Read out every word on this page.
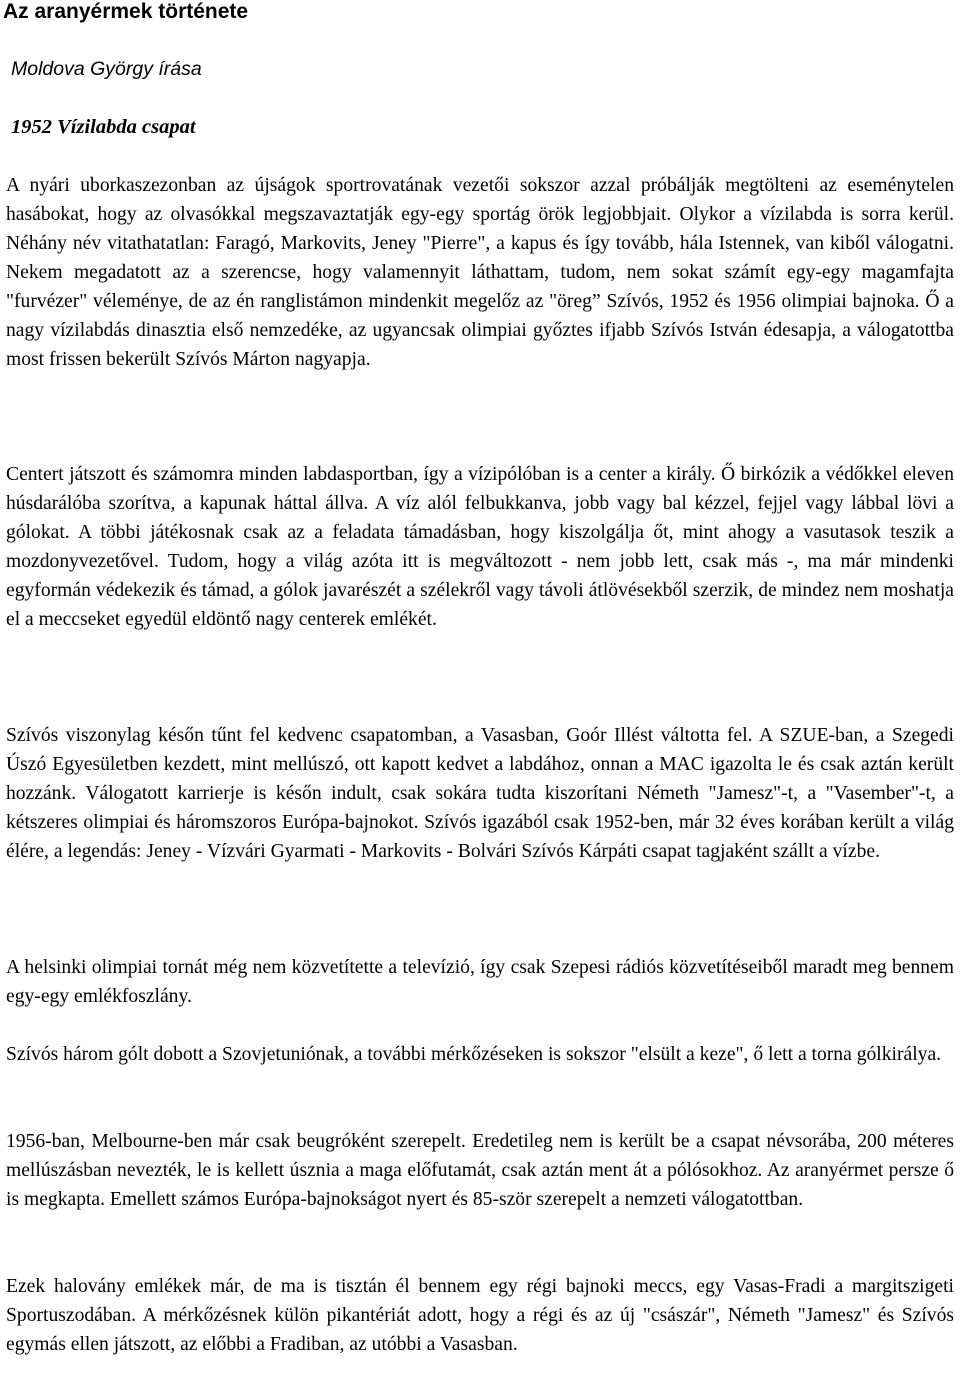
Az aranyérmek története

Moldova György írása

1952 Vízilabda csapat

A nyári uborkaszezonban az újságok sportrovatának vezetői sokszor azzal próbálják megtölteni az eseménytelen hasábokat, hogy az olvasókkal megszavaztatják egy-egy sportág örök legjobbjait. Olykor a vízilabda is sorra kerül. Néhány név vitathatatlan: Faragó, Markovits, Jeney "Pierre", a kapus és így tovább, hála Istennek, van kiből válogatni. Nekem megadatott az a szerencse, hogy valamennyit láthattam, tudom, nem sokat számít egy-egy magamfajta "furvézer" véleménye, de az én ranglistámon mindenkit megelőz az "öreg” Szívós, 1952 és 1956 olimpiai bajnoka. Ő a nagy vízilabdás dinasztia első nemzedéke, az ugyancsak olimpiai győztes ifjabb Szívós István édesapja, a válogatottba most frissen bekerült Szívós Márton nagyapja.

Centert játszott és számomra minden labdasportban, így a vízipólóban is a center a király. Ő birkózik a védőkkel eleven húsdarálóba szorítva, a kapunak háttal állva. A víz alól felbukkanva, jobb vagy bal kézzel, fejjel vagy lábbal lövi a gólokat. A többi játékosnak csak az a feladata támadásban, hogy kiszolgálja őt, mint ahogy a vasutasok teszik a mozdonyvezetővel. Tudom, hogy a világ azóta itt is megváltozott - nem jobb lett, csak más -, ma már mindenki egyformán védekezik és támad, a gólok javarészét a szélekről vagy távoli átlövésekből szerzik, de mindez nem moshatja el a meccseket egyedül eldöntő nagy centerek emlékét.

Szívós viszonylag későn tűnt fel kedvenc csapatomban, a Vasasban, Goór Illést váltotta fel. A SZUE-ban, a Szegedi Úszó Egyesületben kezdett, mint mellúszó, ott kapott kedvet a labdához, onnan a MAC igazolta le és csak aztán került hozzánk. Válogatott karrierje is későn indult, csak sokára tudta kiszorítani Németh "Jamesz"-t, a "Vasember"-t, a kétszeres olimpiai és háromszoros Európa-bajnokot. Szívós igazából csak 1952-ben, már 32 éves korában került a világ élére, a legendás: Jeney - Vízvári Gyarmati - Markovits - Bolvári Szívós Kárpáti csapat tagjaként szállt a vízbe.

A helsinki olimpiai tornát még nem közvetítette a televízió, így csak Szepesi rádiós közvetítéseiből maradt meg bennem egy-egy emlékfoszlány.

Szívós három gólt dobott a Szovjetuniónak, a további mérkőzéseken is sokszor "elsült a keze", ő lett a torna gólkirálya.

1956-ban, Melbourne-ben már csak beugróként szerepelt. Eredetileg nem is került be a csapat névsorába, 200 méteres mellúszásban nevezték, le is kellett úsznia a maga előfutamát, csak aztán ment át a pólósokhoz. Az aranyérmet persze ő is megkapta. Emellett számos Európa-bajnokságot nyert és 85-ször szerepelt a nemzeti válogatottban.

Ezek halovány emlékek már, de ma is tisztán él bennem egy régi bajnoki meccs, egy Vasas-Fradi a margitszigeti Sportuszodában. A mérkőzésnek külön pikantériát adott, hogy a régi és az új "császár", Németh "Jamesz" és Szívós egymás ellen játszott, az előbbi a Fradiban, az utóbbi a Vasasban.
